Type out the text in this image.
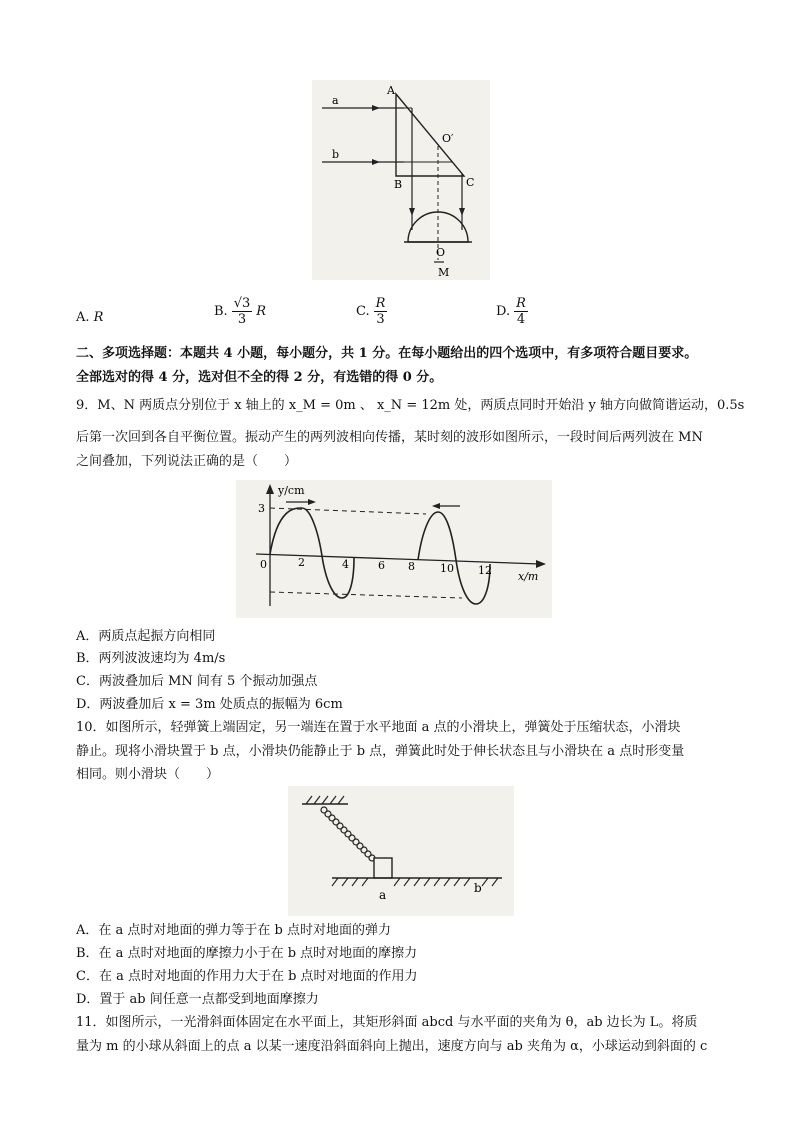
a
b
A
B	C
O′
O
M
A. R	B. $\frac{√3}{3}$ R	C. $\frac{R}{3}$	D. $\frac{R}{4}$
二、多项选择题：本题共 4 小题，每小题分，共 1 分。在每小题给出的四个选项中，有多项符合题目要求。
全部选对的得 4 分，选对但不全的得 2 分，有选错的得 0 分。
9．M、N 两质点分别位于 x 轴上的 x_M = 0m 、 x_N = 12m 处，两质点同时开始沿 y 轴方向做简谐运动，0.5s
后第一次回到各自平衡位置。振动产生的两列波相向传播，某时刻的波形如图所示，一段时间后两列波在 MN
之间叠加，下列说法正确的是（　　）
y/cm
x/m
3
0	2	4	6 8 10 12
A．两质点起振方向相同
B．两列波波速均为 4m/s
C．两波叠加后 MN 间有 5 个振动加强点
D．两波叠加后 x = 3m 处质点的振幅为 6cm
10．如图所示，轻弹簧上端固定，另一端连在置于水平地面 a 点的小滑块上，弹簧处于压缩状态，小滑块
静止。现将小滑块置于 b 点，小滑块仍能静止于 b 点，弹簧此时处于伸长状态且与小滑块在 a 点时形变量
相同。则小滑块（　　）
a	b
A．在 a 点时对地面的弹力等于在 b 点时对地面的弹力
B．在 a 点时对地面的摩擦力小于在 b 点时对地面的摩擦力
C．在 a 点时对地面的作用力大于在 b 点时对地面的作用力
D．置于 ab 间任意一点都受到地面摩擦力
11．如图所示，一光滑斜面体固定在水平面上，其矩形斜面 abcd 与水平面的夹角为 θ，ab 边长为 L。将质
量为 m 的小球从斜面上的点 a 以某一速度沿斜面斜向上抛出，速度方向与 ab 夹角为 α，小球运动到斜面的 c
